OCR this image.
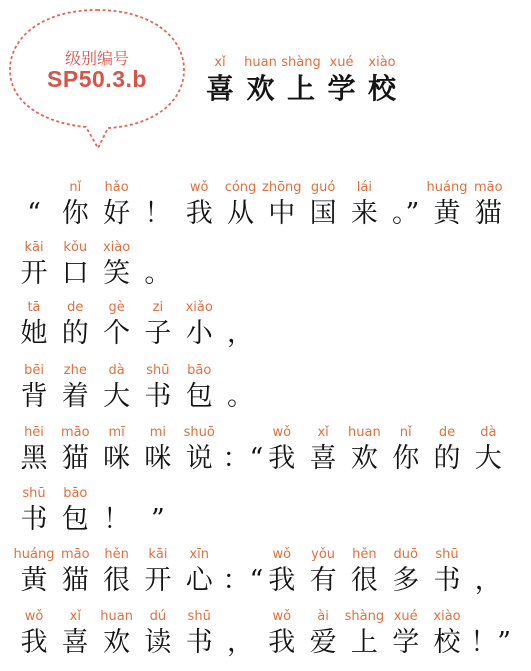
级别编号
SP50.3.b
xǐ
喜
huan
欢
shàng
上
xué
学
xiào
校
“
nǐ
你
hǎo
好 ！
wǒ
我
cóng
从
zhōng
中
guó
国
lái
来 。”
huáng
黄
māo
猫
kāi
开
kǒu
口
xiào
笑 。
tā
她
de
的
gè
个
zi
子
xiǎo
小 ，
bēi
背
zhe
着
dà
大
shū
书
bāo
包 。
hēi
黑
māo
猫
mī
咪
mi
咪
shuō
说 ：“
wǒ
我
xǐ
喜
huan
欢
nǐ
你
de
的
dà
大
shū
书
bāo
包 ！ ”
huáng
黄
māo
猫
hěn
很
kāi
开
xīn
心 ：“
wǒ
我
yǒu
有
hěn
很
duō
多
shū
书 ，
wǒ
我
xǐ
喜
huan
欢
dú
读
shū
书 ，
wǒ
我
ài
爱
shàng
上
xué
学
xiào
校 ！”
